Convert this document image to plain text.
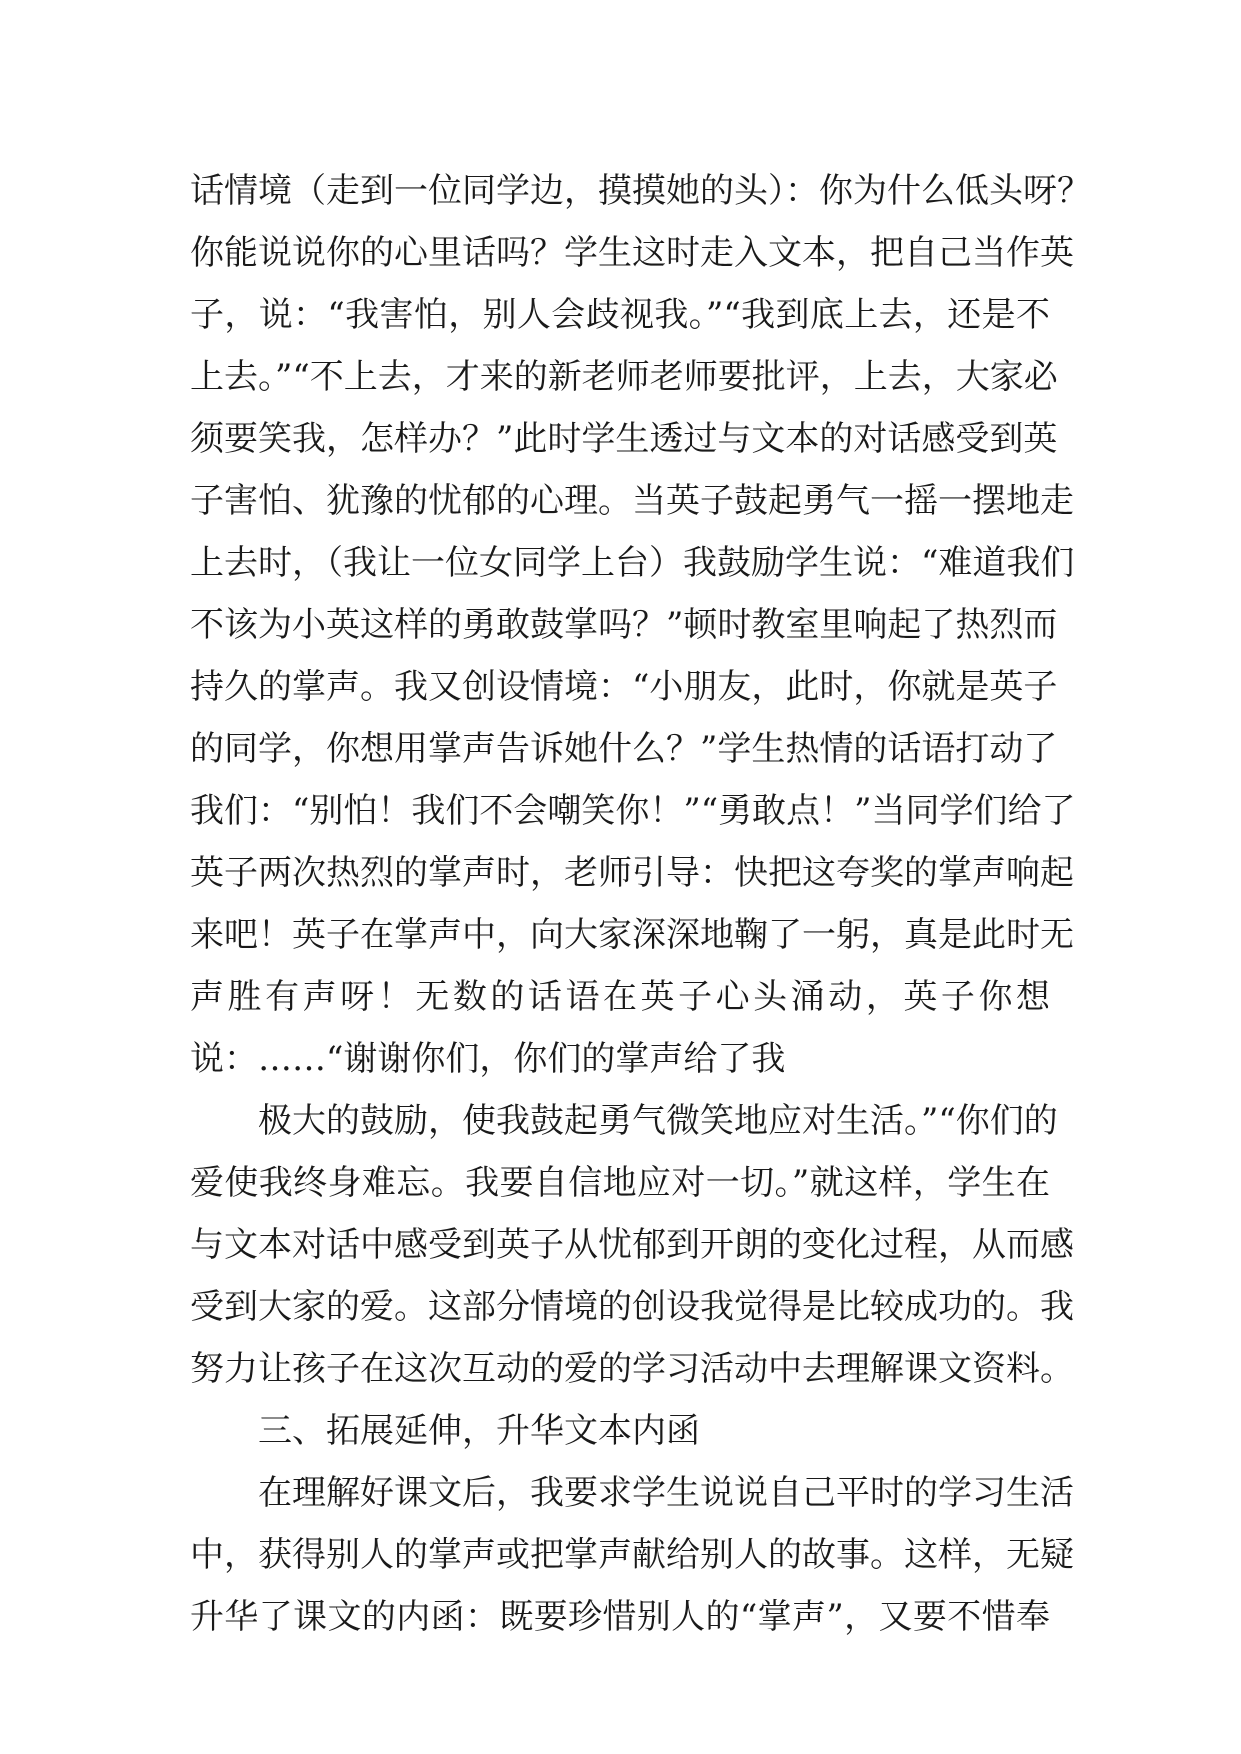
话情境（走到一位同学边，摸摸她的头）：你为什么低头呀？
你能说说你的心里话吗？学生这时走入文本，把自己当作英
子，说：“我害怕，别人会歧视我。”“我到底上去，还是不
上去。”“不上去，才来的新老师老师要批评，上去，大家必
须要笑我，怎样办？”此时学生透过与文本的对话感受到英
子害怕、犹豫的忧郁的心理。当英子鼓起勇气一摇一摆地走
上去时，（我让一位女同学上台）我鼓励学生说：“难道我们
不该为小英这样的勇敢鼓掌吗？”顿时教室里响起了热烈而
持久的掌声。我又创设情境：“小朋友，此时，你就是英子
的同学，你想用掌声告诉她什么？”学生热情的话语打动了
我们：“别怕！我们不会嘲笑你！”“勇敢点！”当同学们给了
英子两次热烈的掌声时，老师引导：快把这夸奖的掌声响起
来吧！英子在掌声中，向大家深深地鞠了一躬，真是此时无
声胜有声呀！无数的话语在英子心头涌动，英子你想
说：……“谢谢你们，你们的掌声给了我
极大的鼓励，使我鼓起勇气微笑地应对生活。”“你们的
爱使我终身难忘。我要自信地应对一切。”就这样，学生在
与文本对话中感受到英子从忧郁到开朗的变化过程，从而感
受到大家的爱。这部分情境的创设我觉得是比较成功的。我
努力让孩子在这次互动的爱的学习活动中去理解课文资料。
三、拓展延伸，升华文本内函
在理解好课文后，我要求学生说说自己平时的学习生活
中，获得别人的掌声或把掌声献给别人的故事。这样，无疑
升华了课文的内函：既要珍惜别人的“掌声”，又要不惜奉
